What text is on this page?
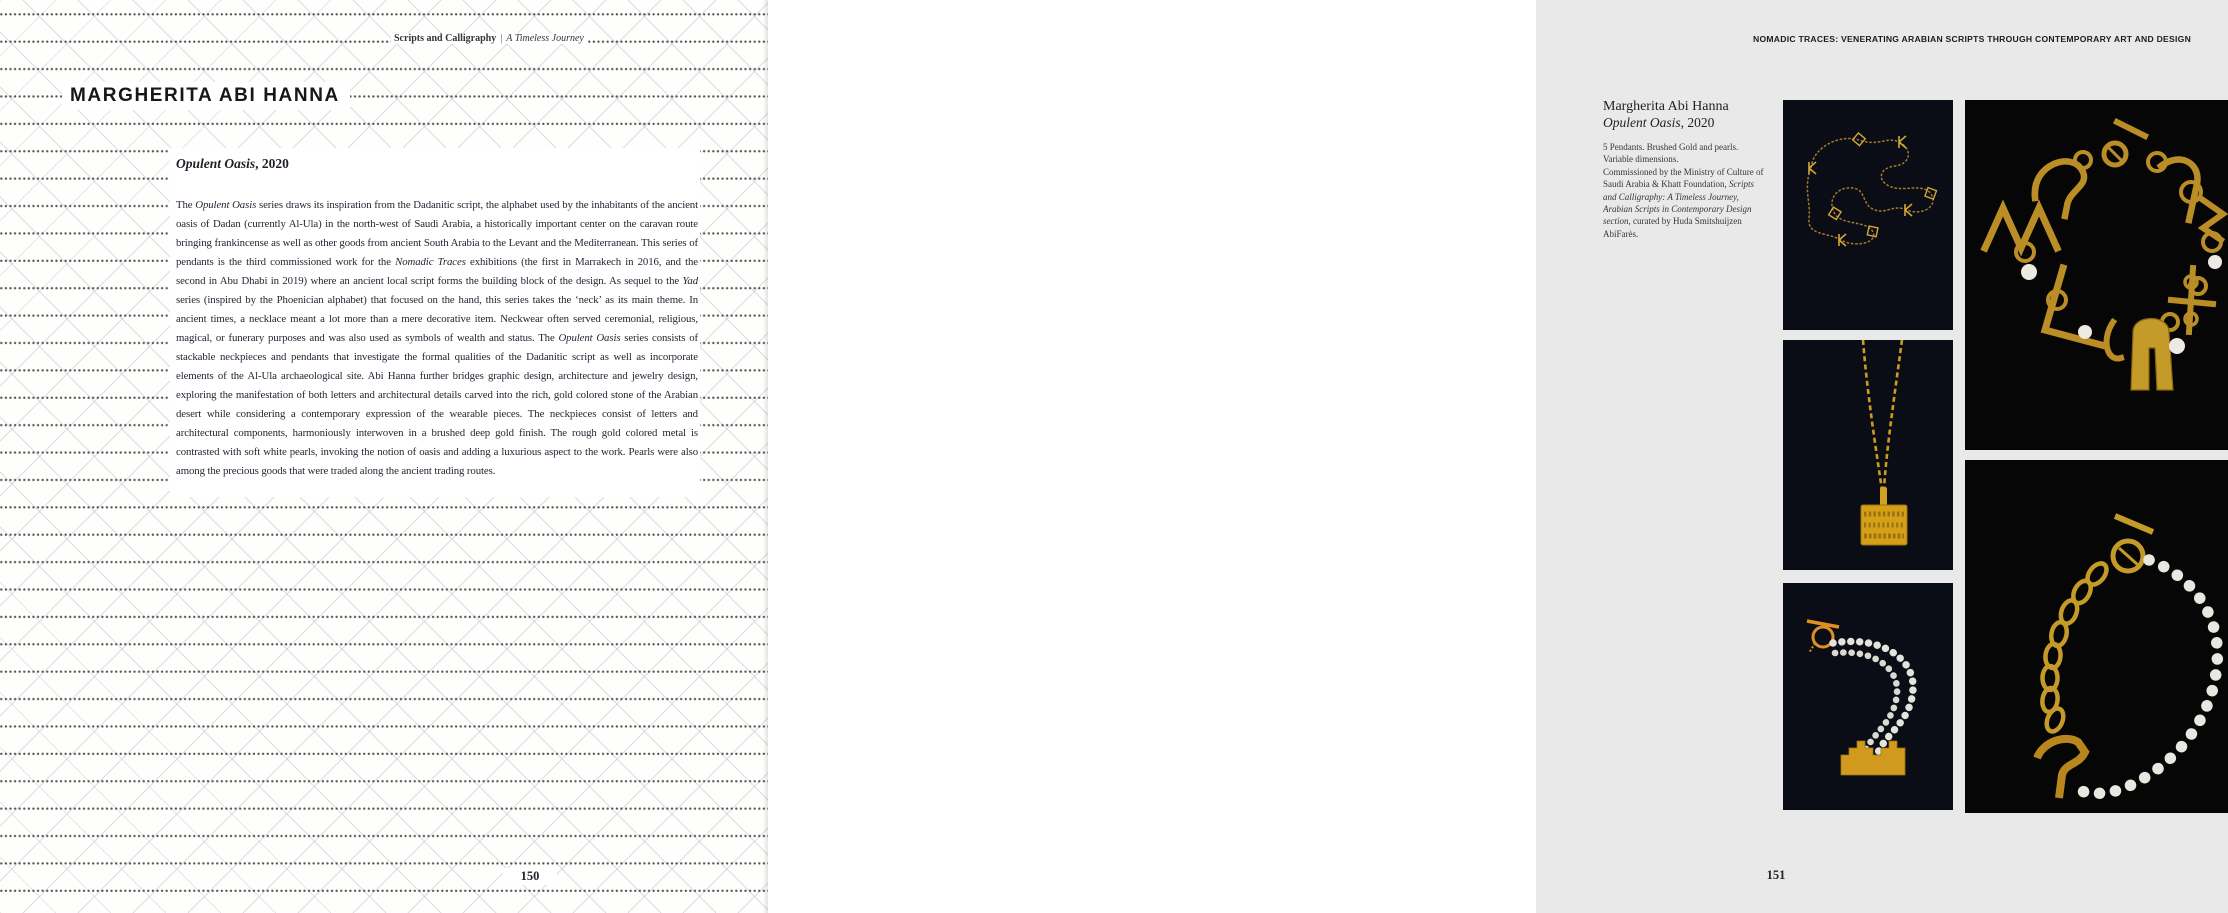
Scripts and Calligraphy | A Timeless Journey
MARGHERITA ABI HANNA

Opulent Oasis, 2020

The Opulent Oasis series draws its inspiration from the Dadanitic script, the alphabet used by the inhabitants of the ancient oasis of Dadan (currently Al-Ula) in the north-west of Saudi Arabia, a historically important center on the caravan route bringing frankincense as well as other goods from ancient South Arabia to the Levant and the Mediterranean. This series of pendants is the third commissioned work for the Nomadic Traces exhibitions (the first in Marrakech in 2016, and the second in Abu Dhabi in 2019) where an ancient local script forms the building block of the design. As sequel to the Yad series (inspired by the Phoenician alphabet) that focused on the hand, this series takes the ‘neck’ as its main theme. In ancient times, a necklace meant a lot more than a mere decorative item. Neckwear often served ceremonial, religious, magical, or funerary purposes and was also used as symbols of wealth and status. The Opulent Oasis series consists of stackable neckpieces and pendants that investigate the formal qualities of the Dadanitic script as well as incorporate elements of the Al-Ula archaeological site. Abi Hanna further bridges graphic design, architecture and jewelry design, exploring the manifestation of both letters and architectural details carved into the rich, gold colored stone of the Arabian desert while considering a contemporary expression of the wearable pieces. The neckpieces consist of letters and architectural components, harmoniously interwoven in a brushed deep gold finish. The rough gold colored metal is contrasted with soft white pearls, invoking the notion of oasis and adding a luxurious aspect to the work. Pearls were also among the precious goods that were traded along the ancient trading routes.

150
NOMADIC TRACES: VENERATING ARABIAN SCRIPTS THROUGH CONTEMPORARY ART AND DESIGN

Margherita Abi Hanna

Opulent Oasis, 2020

5 Pendants. Brushed Gold and pearls. Variable dimensions.

Commissioned by the Ministry of Culture of Saudi Arabia & Khatt Foundation, Scripts and Calligraphy: A Timeless Journey, Arabian Scripts in Contemporary Design section, curated by Huda Smitshuijzen AbiFarès.

151
